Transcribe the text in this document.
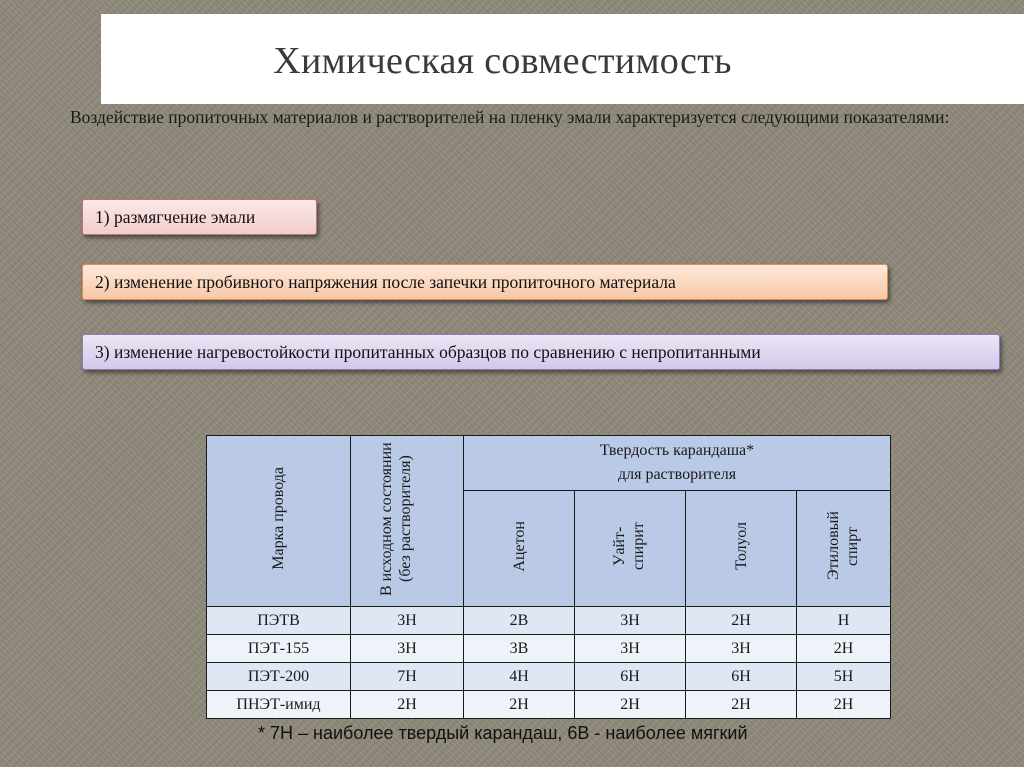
Химическая совместимость
Воздействие пропиточных материалов и растворителей на пленку эмали характеризуется следующими показателями:
1) размягчение эмали
2) изменение пробивного напряжения после запечки пропиточного материала
3) изменение нагревостойкости пропитанных образцов по сравнению с непропитанными
Марка провода	В исходном состоянии (без растворителя)	Твердость карандаша*
для растворителя			

		Ацетон	Уайт-спирит	Толуол	Этиловый спирт
ПЭТВ	3Н	2В	3Н	2Н	Н
ПЭТ-155	3Н	3В	3Н	3Н	2Н
ПЭТ-200	7Н	4Н	6Н	6Н	5Н
ПНЭТ-имид	2Н	2Н	2Н	2Н	2Н
* 7Н – наиболее твердый карандаш, 6В - наиболее мягкий
